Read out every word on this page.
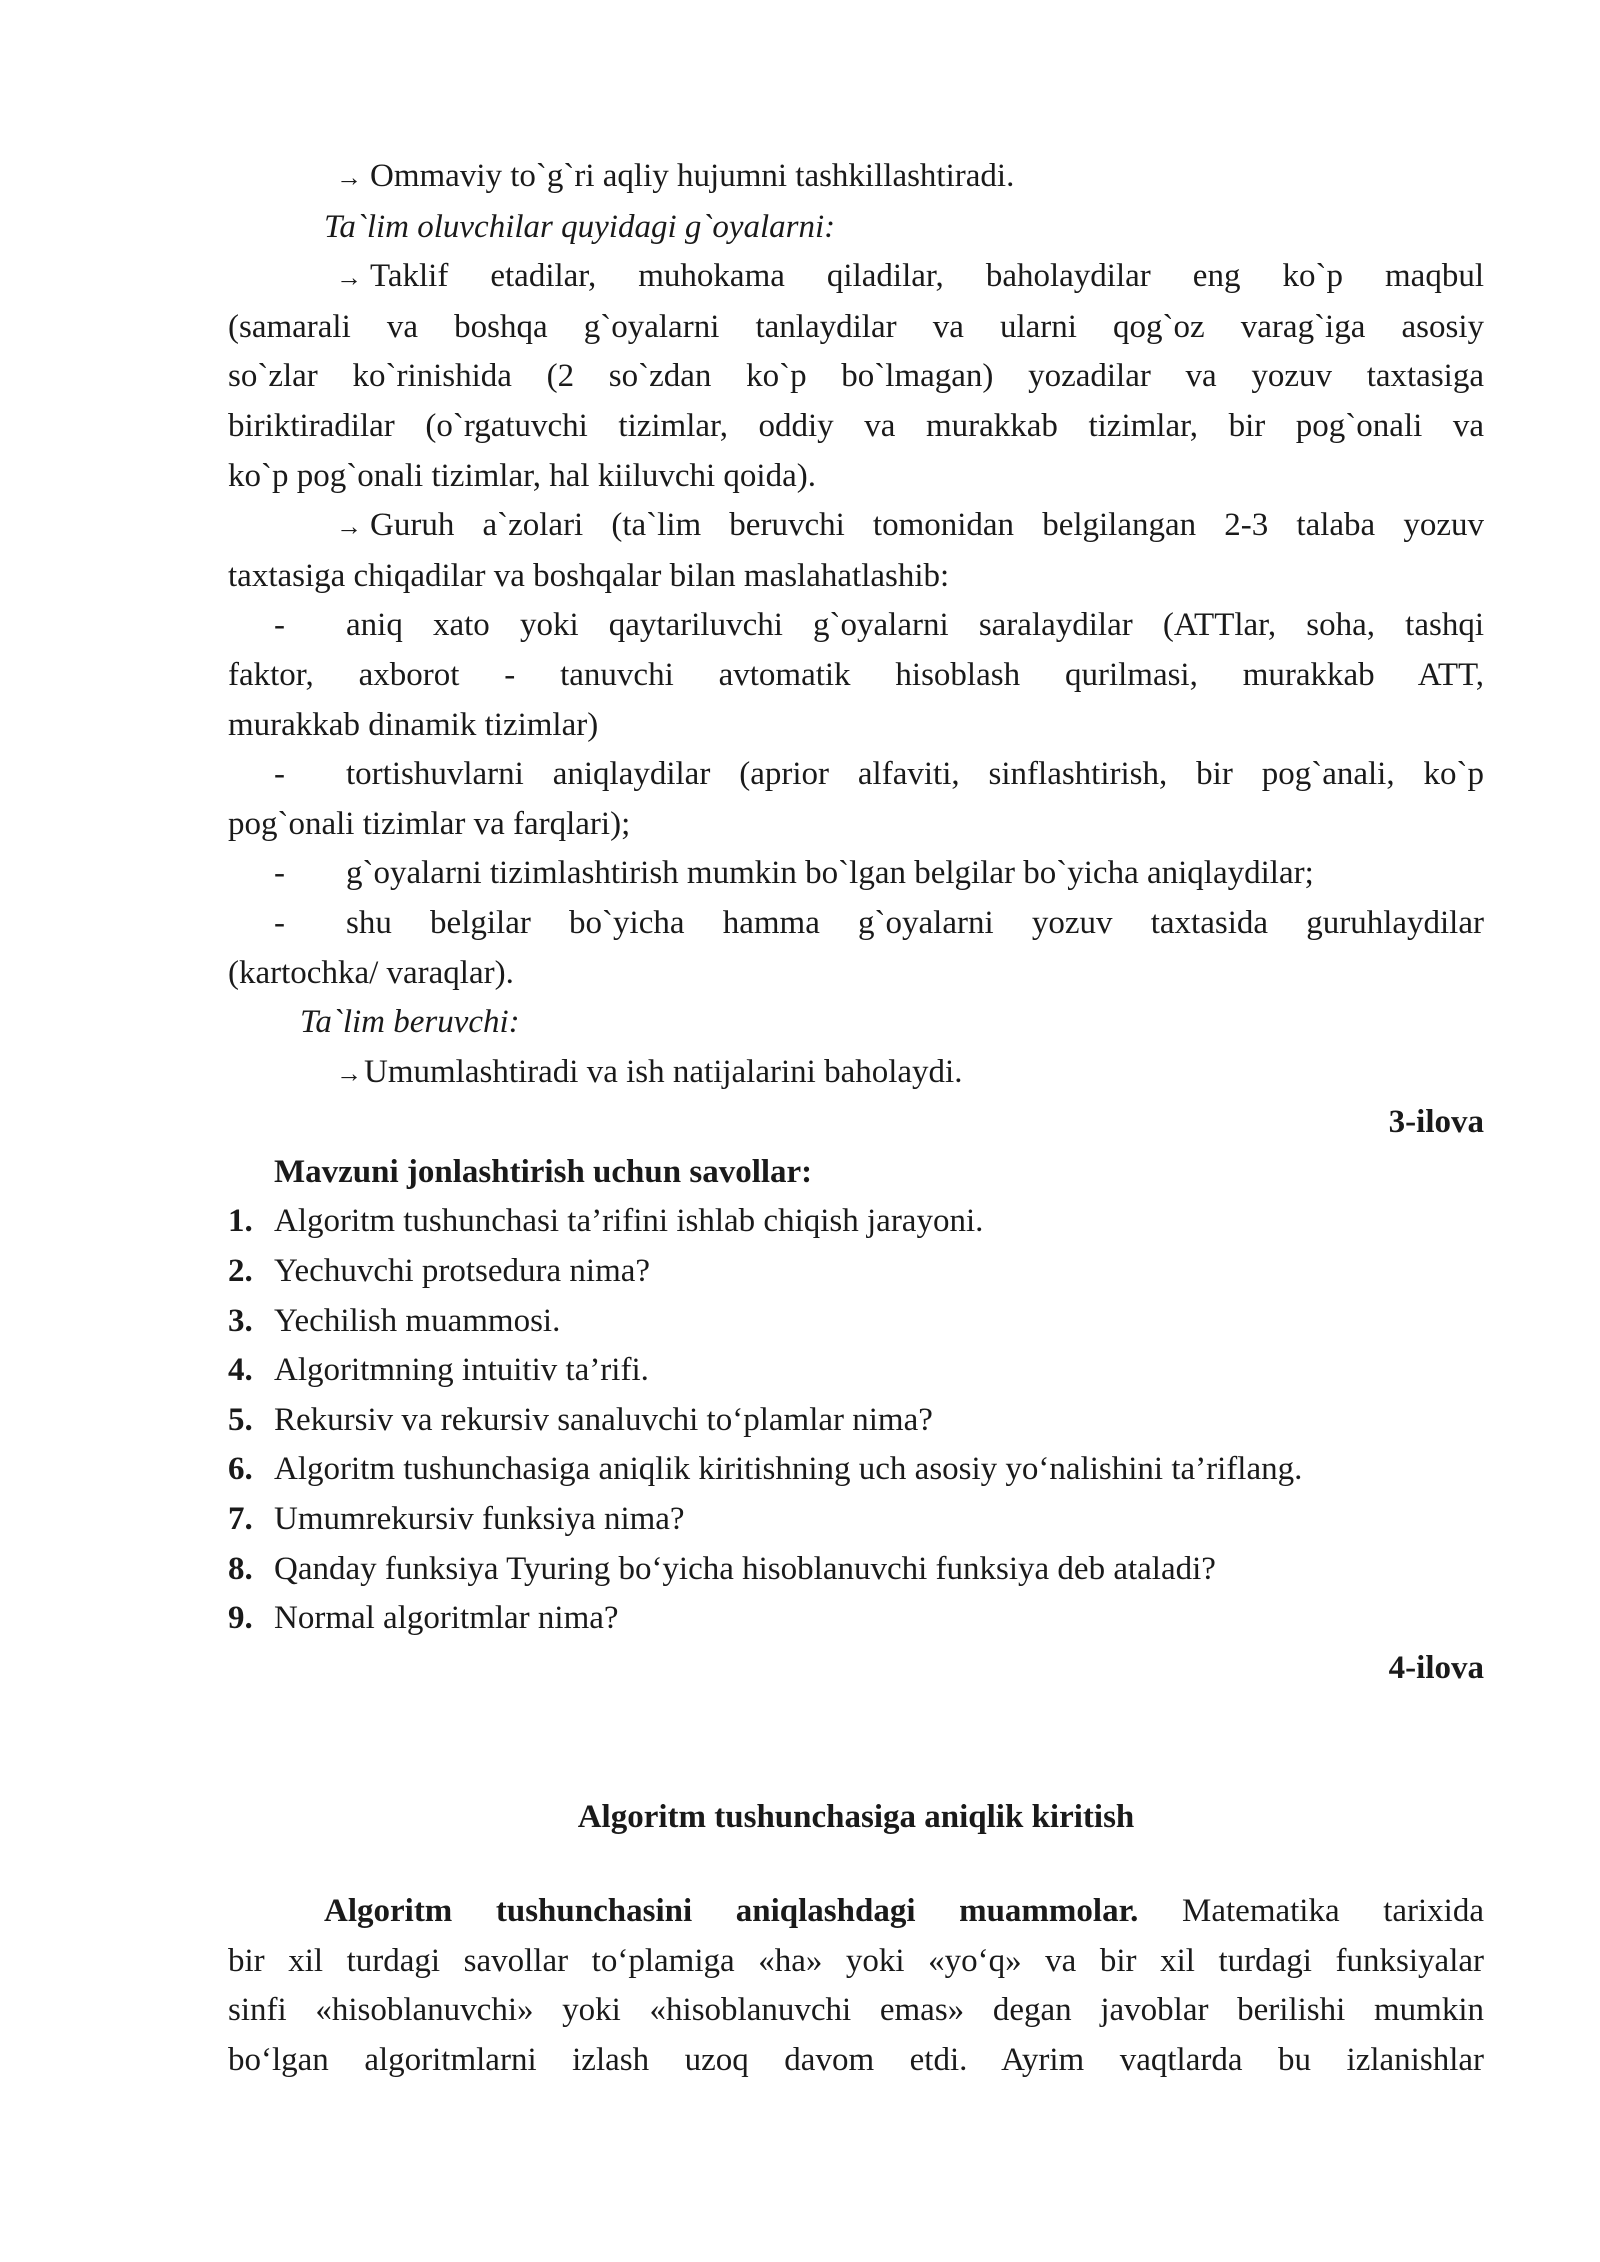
→ Ommaviy to`g`ri aqliy hujumni tashkillashtiradi.

Ta`lim oluvchilar quyidagi g`oyalarni:

→ Taklif etadilar, muhokama qiladilar, baholaydilar eng ko`p maqbul

(samarali va boshqa g`oyalarni tanlaydilar va ularni qog`oz varag`iga asosiy

so`zlar ko`rinishida (2 so`zdan ko`p bo`lmagan) yozadilar va yozuv taxtasiga

biriktiradilar (o`rgatuvchi tizimlar, oddiy va murakkab tizimlar, bir pog`onali va

ko`p pog`onali tizimlar, hal kiiluvchi qoida).

→ Guruh a`zolari (ta`lim beruvchi tomonidan belgilangan 2-3 talaba yozuv

taxtasiga chiqadilar va boshqalar bilan maslahatlashib:

- aniq xato yoki qaytariluvchi g`oyalarni saralaydilar (ATTlar, soha, tashqi

faktor, axborot - tanuvchi avtomatik hisoblash qurilmasi, murakkab ATT,

murakkab dinamik tizimlar)

- tortishuvlarni aniqlaydilar (aprior alfaviti, sinflashtirish, bir pog`anali, ko`p

pog`onali tizimlar va farqlari);

- g`oyalarni tizimlashtirish mumkin bo`lgan belgilar bo`yicha aniqlaydilar;

- shu belgilar bo`yicha hamma g`oyalarni yozuv taxtasida guruhlaydilar

(kartochka/ varaqlar).

Ta`lim beruvchi:

→Umumlashtiradi va ish natijalarini baholaydi.

3-ilova

Mavzuni jonlashtirish uchun savollar:

1. Algoritm tushunchasi ta’rifini ishlab chiqish jarayoni.
2. Yechuvchi protsedura nima?
3. Yechilish muammosi.
4. Algoritmning intuitiv ta’rifi.
5. Rekursiv va rekursiv sanaluvchi to‘plamlar nima?
6. Algoritm tushunchasiga aniqlik kiritishning uch asosiy yo‘nalishini ta’riflang.
7. Umumrekursiv funksiya nima?
8. Qanday funksiya Tyuring bo‘yicha hisoblanuvchi funksiya deb ataladi?
9. Normal algoritmlar nima?

4-ilova

Algoritm tushunchasiga aniqlik kiritish

Algoritm tushunchasini aniqlashdagi muammolar. Matematika tarixida

bir xil turdagi savollar to‘plamiga «ha» yoki «yo‘q» va bir xil turdagi funksiyalar

sinfi «hisoblanuvchi» yoki «hisoblanuvchi emas» degan javoblar berilishi mumkin

bo‘lgan algoritmlarni izlash uzoq davom etdi. Ayrim vaqtlarda bu izlanishlar
